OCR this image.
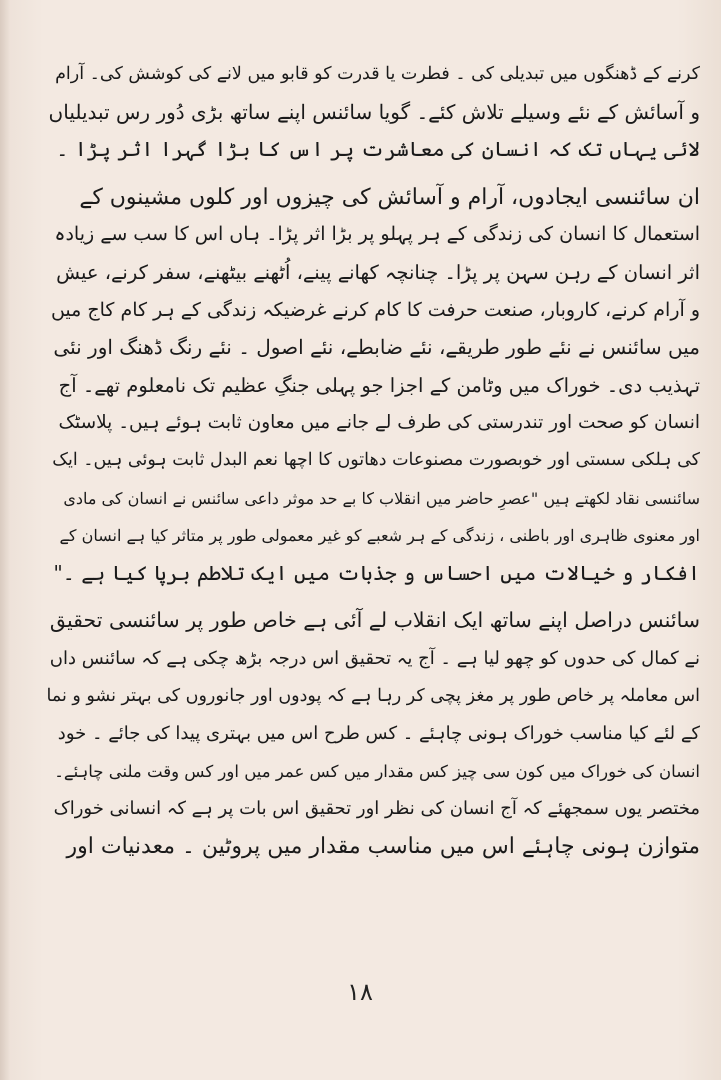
کرنے کے ڈھنگوں میں تبدیلی کی ۔ فطرت یا قدرت کو قابو میں لانے کی کوشش کی۔ آرام
و آسائش کے نئے وسیلے تلاش کئے۔ گویا سائنس اپنے ساتھ بڑی دُور رس تبدیلیاں
لائی یہاں تک کہ انسان کی معاشرت پر اس کا بڑا گہرا اثر پڑا ۔
ان سائنسی ایجادوں، آرام و آسائش کی چیزوں اور کلوں مشینوں کے
استعمال کا انسان کی زندگی کے ہر پہلو پر بڑا اثر پڑا۔ ہاں اس کا سب سے زیادہ
اثر انسان کے رہن سہن پر پڑا۔ چنانچہ کھانے پینے، اُٹھنے بیٹھنے، سفر کرنے، عیش
و آرام کرنے، کاروبار، صنعت حرفت کا کام کرنے غرضیکہ زندگی کے ہر کام کاج میں
میں سائنس نے نئے طور طریقے، نئے ضابطے، نئے اصول ۔ نئے رنگ ڈھنگ اور نئی
تہذیب دی۔ خوراک میں وٹامن کے اجزا جو پہلی جنگِ عظیم تک نامعلوم تھے۔ آج
انسان کو صحت اور تندرستی کی طرف لے جانے میں معاون ثابت ہوئے ہیں۔ پلاسٹک
کی ہلکی سستی اور خوبصورت مصنوعات دھاتوں کا اچھا نعم البدل ثابت ہوئی ہیں۔ ایک
سائنسی نقاد لکھتے ہیں "عصرِ حاضر میں انقلاب کا بے حد موثر داعی سائنس نے انسان کی مادی
اور معنوی ظاہری اور باطنی ، زندگی کے ہر شعبے کو غیر معمولی طور پر متاثر کیا ہے انسان کے
افکار و خیالات میں احساس و جذبات میں ایک تلاطم برپا کیا ہے ۔"
سائنس دراصل اپنے ساتھ ایک انقلاب لے آئی ہے خاص طور پر سائنسی تحقیق
نے کمال کی حدوں کو چھو لیا ہے ۔ آج یہ تحقیق اس درجہ بڑھ چکی ہے کہ سائنس داں
اس معاملہ پر خاص طور پر مغز پچی کر رہا ہے کہ پودوں اور جانوروں کی بہتر نشو و نما
کے لئے کیا مناسب خوراک ہونی چاہئے ۔ کس طرح اس میں بہتری پیدا کی جائے ۔ خود
انسان کی خوراک میں کون سی چیز کس مقدار میں کس عمر میں اور کس وقت ملنی چاہئے۔
مختصر یوں سمجھئے کہ آج انسان کی نظر اور تحقیق اس بات پر ہے کہ انسانی خوراک
متوازن ہونی چاہئے اس میں مناسب مقدار میں پروٹین ۔ معدنیات اور
۱۸
